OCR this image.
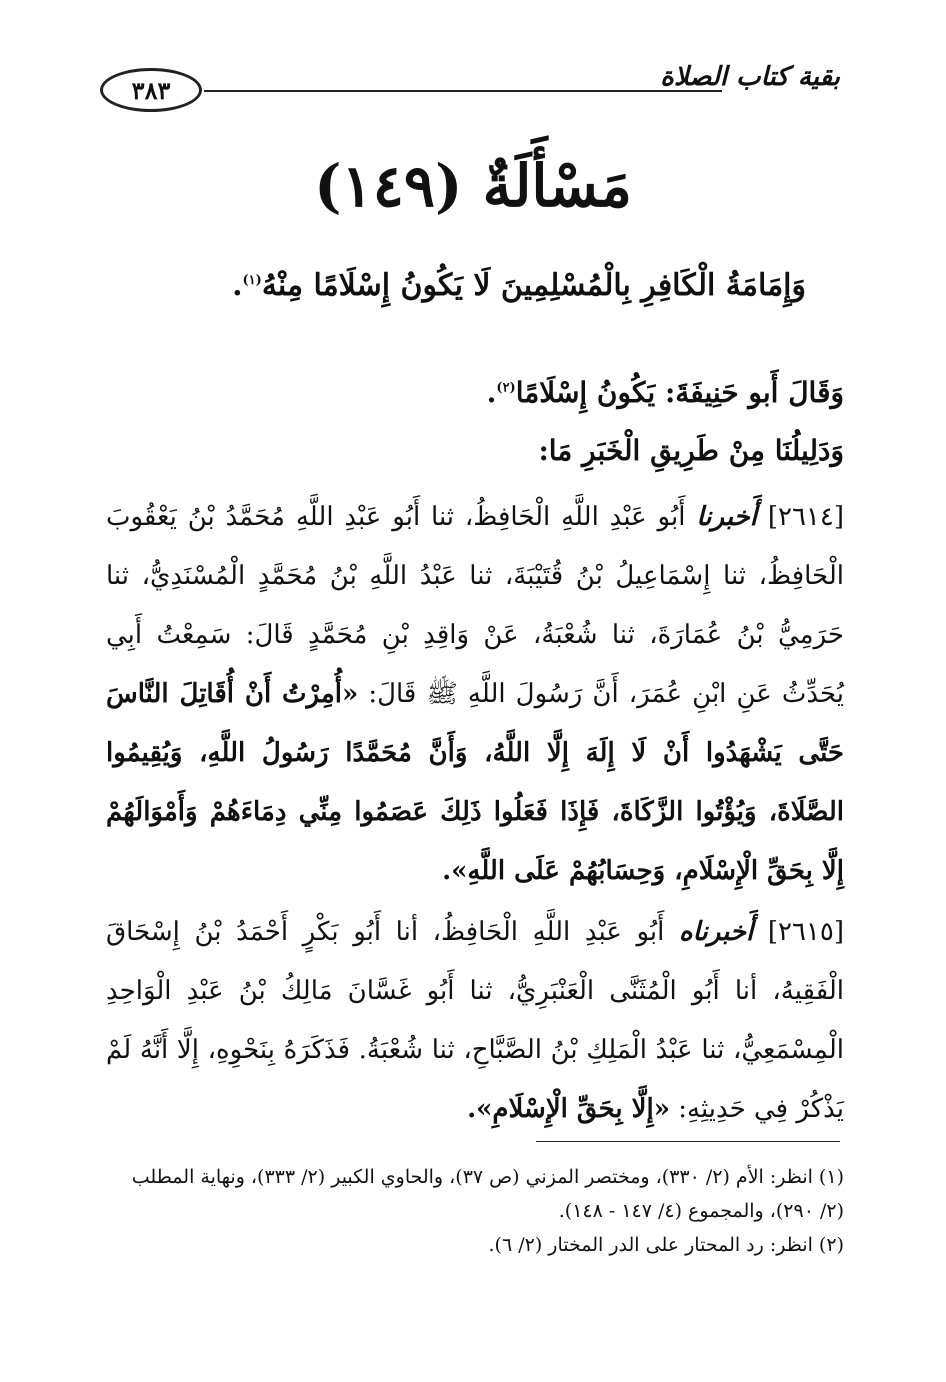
٣٨٣	بقية كتاب الصلاة
مَسْأَلَةٌ (١٤٩)
وَإِمَامَةُ الْكَافِرِ بِالْمُسْلِمِينَ لَا يَكُونُ إِسْلَامًا مِنْهُ$^{(١)}$.
وَقَالَ أَبو حَنِيفَةَ: يَكُونُ إِسْلَامًا$^{(٢)}$.
وَدَلِيلُنَا مِنْ طَرِيقِ الْخَبَرِ مَا:
[٢٦١٤] أَخبرنا أَبُو عَبْدِ اللَّهِ الْحَافِظُ، ثنا أَبُو عَبْدِ اللَّهِ مُحَمَّدُ بْنُ يَعْقُوبَ الْحَافِظُ، ثنا إِسْمَاعِيلُ بْنُ قُتَيْبَةَ، ثنا عَبْدُ اللَّهِ بْنُ مُحَمَّدٍ الْمُسْنَدِيُّ، ثنا حَرَمِيُّ بْنُ عُمَارَةَ، ثنا شُعْبَةُ، عَنْ وَاقِدِ بْنِ مُحَمَّدٍ قَالَ: سَمِعْتُ أَبِي يُحَدِّثُ عَنِ ابْنِ عُمَرَ، أَنَّ رَسُولَ اللَّهِ ﷺ قَالَ: «أُمِرْتُ أَنْ أُقَاتِلَ النَّاسَ حَتَّى يَشْهَدُوا أَنْ لَا إِلَهَ إِلَّا اللَّهُ، وَأَنَّ مُحَمَّدًا رَسُولُ اللَّهِ، وَيُقِيمُوا الصَّلَاةَ، وَيُؤْتُوا الزَّكَاةَ، فَإِذَا فَعَلُوا ذَلِكَ عَصَمُوا مِنِّي دِمَاءَهُمْ وَأَمْوَالَهُمْ إِلَّا بِحَقِّ الْإِسْلَامِ، وَحِسَابُهُمْ عَلَى اللَّهِ».
[٢٦١٥] أَخبرناه أَبُو عَبْدِ اللَّهِ الْحَافِظُ، أنا أَبُو بَكْرٍ أَحْمَدُ بْنُ إِسْحَاقَ الْفَقِيهُ، أنا أَبُو الْمُثَنَّى الْعَنْبَرِيُّ، ثنا أَبُو غَسَّانَ مَالِكُ بْنُ عَبْدِ الْوَاحِدِ الْمِسْمَعِيُّ، ثنا عَبْدُ الْمَلِكِ بْنُ الصَّبَّاحِ، ثنا شُعْبَةُ. فَذَكَرَهُ بِنَحْوِهِ، إِلَّا أَنَّهُ لَمْ يَذْكُرْ فِي حَدِيثِهِ: «إِلَّا بِحَقِّ الْإِسْلَامِ».

(١) انظر: الأم (٢/ ٣٣٠)، ومختصر المزني (ص ٣٧)، والحاوي الكبير (٢/ ٣٣٣)، ونهاية المطلب (٢/ ٢٩٠)، والمجموع (٤/ ١٤٧ - ١٤٨).

(٢) انظر: رد المحتار على الدر المختار (٢/ ٦).
